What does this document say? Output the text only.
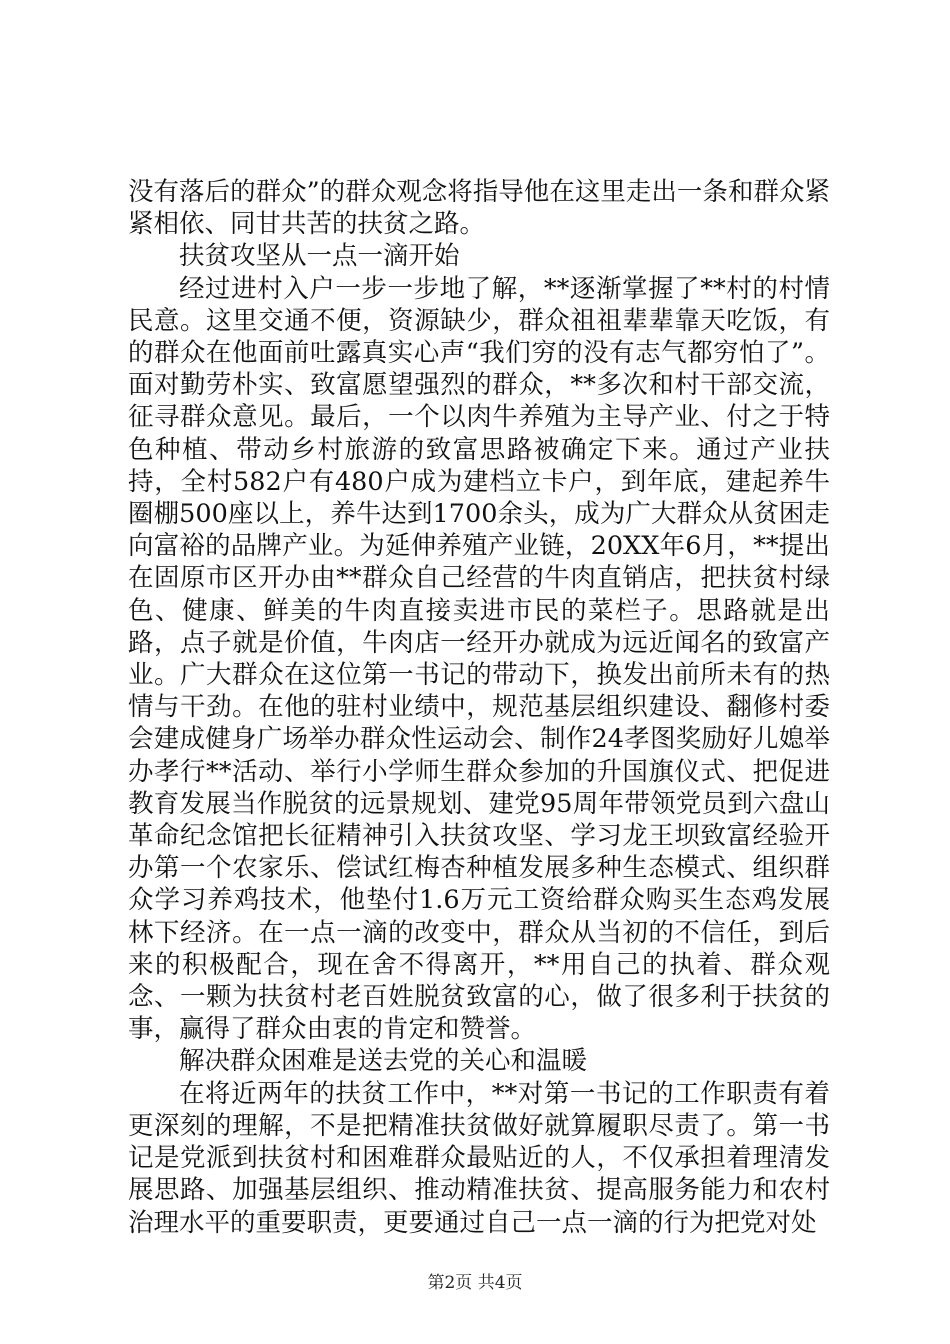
没有落后的群众”的群众观念将指导他在这里走出一条和群众紧紧相依、同甘共苦的扶贫之路。

扶贫攻坚从一点一滴开始

经过进村入户一步一步地了解，**逐渐掌握了**村的村情民意。这里交通不便，资源缺少，群众祖祖辈辈靠天吃饭，有的群众在他面前吐露真实心声“我们穷的没有志气都穷怕了”。面对勤劳朴实、致富愿望强烈的群众，**多次和村干部交流，征寻群众意见。最后，一个以肉牛养殖为主导产业、付之于特色种植、带动乡村旅游的致富思路被确定下来。通过产业扶持，全村582户有480户成为建档立卡户，到年底，建起养牛圈棚500座以上，养牛达到1700余头，成为广大群众从贫困走向富裕的品牌产业。为延伸养殖产业链，20XX年6月，**提出在固原市区开办由**群众自己经营的牛肉直销店，把扶贫村绿色、健康、鲜美的牛肉直接卖进市民的菜栏子。思路就是出路，点子就是价值，牛肉店一经开办就成为远近闻名的致富产业。广大群众在这位第一书记的带动下，换发出前所未有的热情与干劲。在他的驻村业绩中，规范基层组织建设、翻修村委会建成健身广场举办群众性运动会、制作24孝图奖励好儿媳举办孝行**活动、举行小学师生群众参加的升国旗仪式、把促进教育发展当作脱贫的远景规划、建党95周年带领党员到六盘山革命纪念馆把长征精神引入扶贫攻坚、学习龙王坝致富经验开办第一个农家乐、偿试红梅杏种植发展多种生态模式、组织群众学习养鸡技术，他垫付1.6万元工资给群众购买生态鸡发展林下经济。在一点一滴的改变中，群众从当初的不信任，到后来的积极配合，现在舍不得离开，**用自己的执着、群众观念、一颗为扶贫村老百姓脱贫致富的心，做了很多利于扶贫的事，赢得了群众由衷的肯定和赞誉。

解决群众困难是送去党的关心和温暖

在将近两年的扶贫工作中，**对第一书记的工作职责有着更深刻的理解，不是把精准扶贫做好就算履职尽责了。第一书记是党派到扶贫村和困难群众最贴近的人，不仅承担着理清发展思路、加强基层组织、推动精准扶贫、提高服务能力和农村治理水平的重要职责，更要通过自己一点一滴的行为把党对处

第2页 共4页
